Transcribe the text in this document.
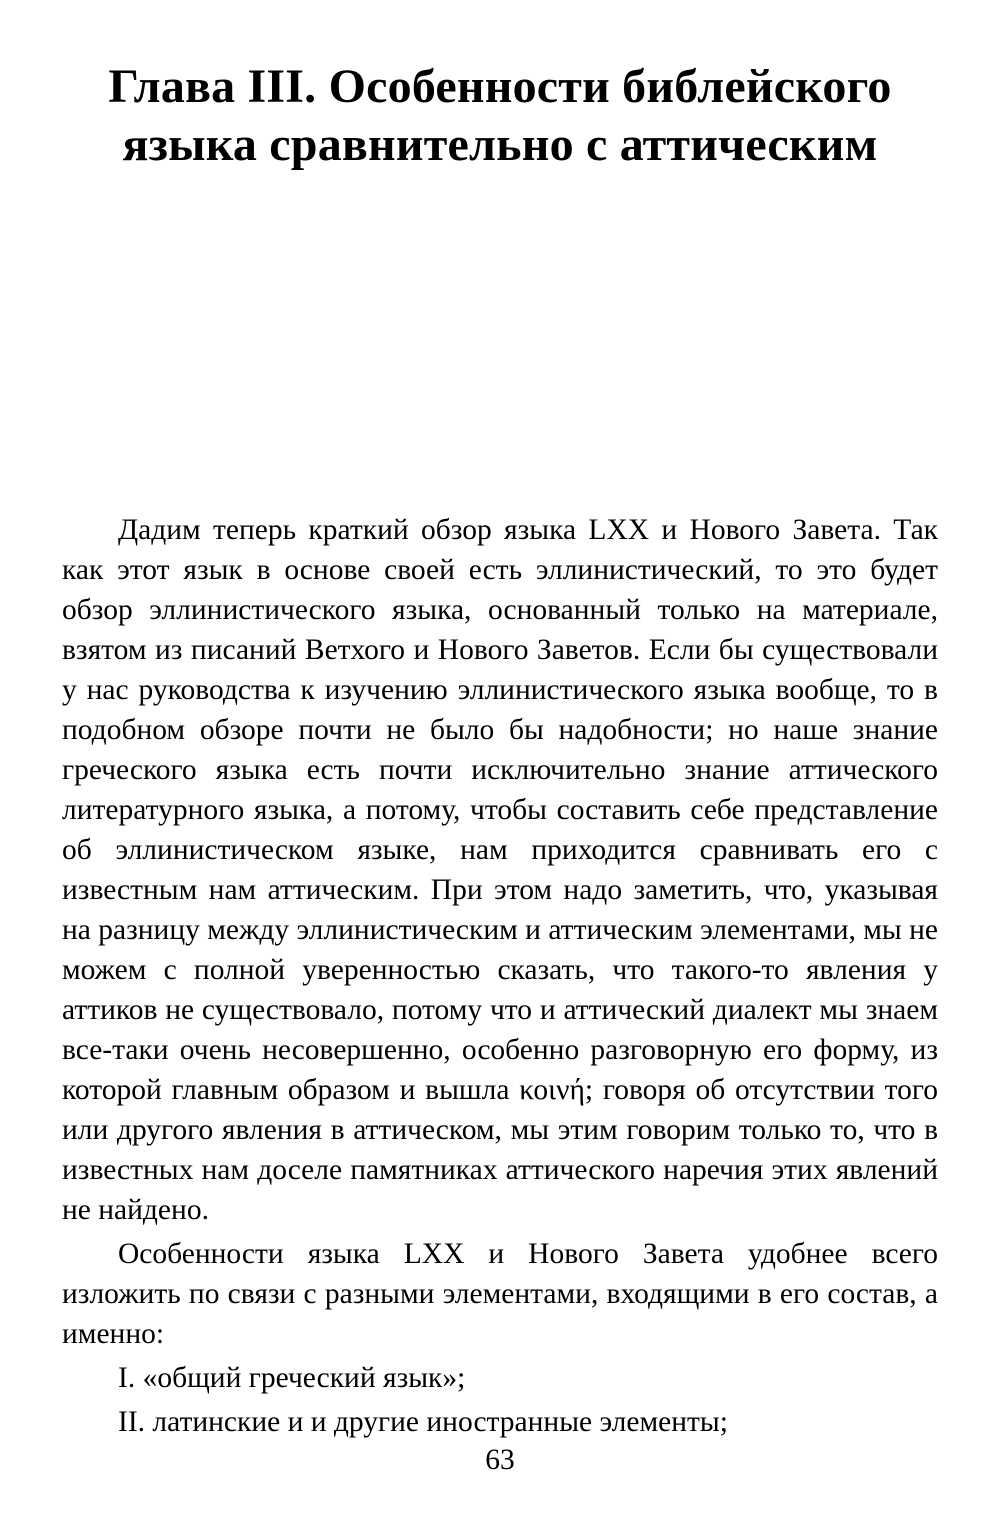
Глава III. Особенности библейского
языка сравнительно с аттическим

Дадим теперь краткий обзор языка LXX и Нового Завета. Так как этот язык в основе своей есть эллинистический, то это будет обзор эллинистического языка, основанный только на материале, взятом из писаний Ветхого и Нового Заветов. Если бы существовали у нас руководства к изучению эллинистического языка вообще, то в подобном обзоре почти не было бы надобности; но наше знание греческого языка есть почти исключительно знание аттического литературного языка, а потому, чтобы составить себе представление об эллинистическом языке, нам приходится сравнивать его с известным нам аттическим. При этом надо заметить, что, указывая на разницу между эллинистическим и аттическим элементами, мы не можем с полной уверенностью сказать, что такого-то явления у аттиков не существовало, потому что и аттический диалект мы знаем все-таки очень несовершенно, особенно разговорную его форму, из которой главным образом и вышла κοινή; говоря об отсутствии того или другого явления в аттическом, мы этим говорим только то, что в известных нам доселе памятниках аттического наречия этих явлений не найдено.

Особенности языка LXX и Нового Завета удобнее всего изложить по связи с разными элементами, входящими в его состав, а именно:

I. «общий греческий язык»;

II. латинские и и другие иностранные элементы;

63
